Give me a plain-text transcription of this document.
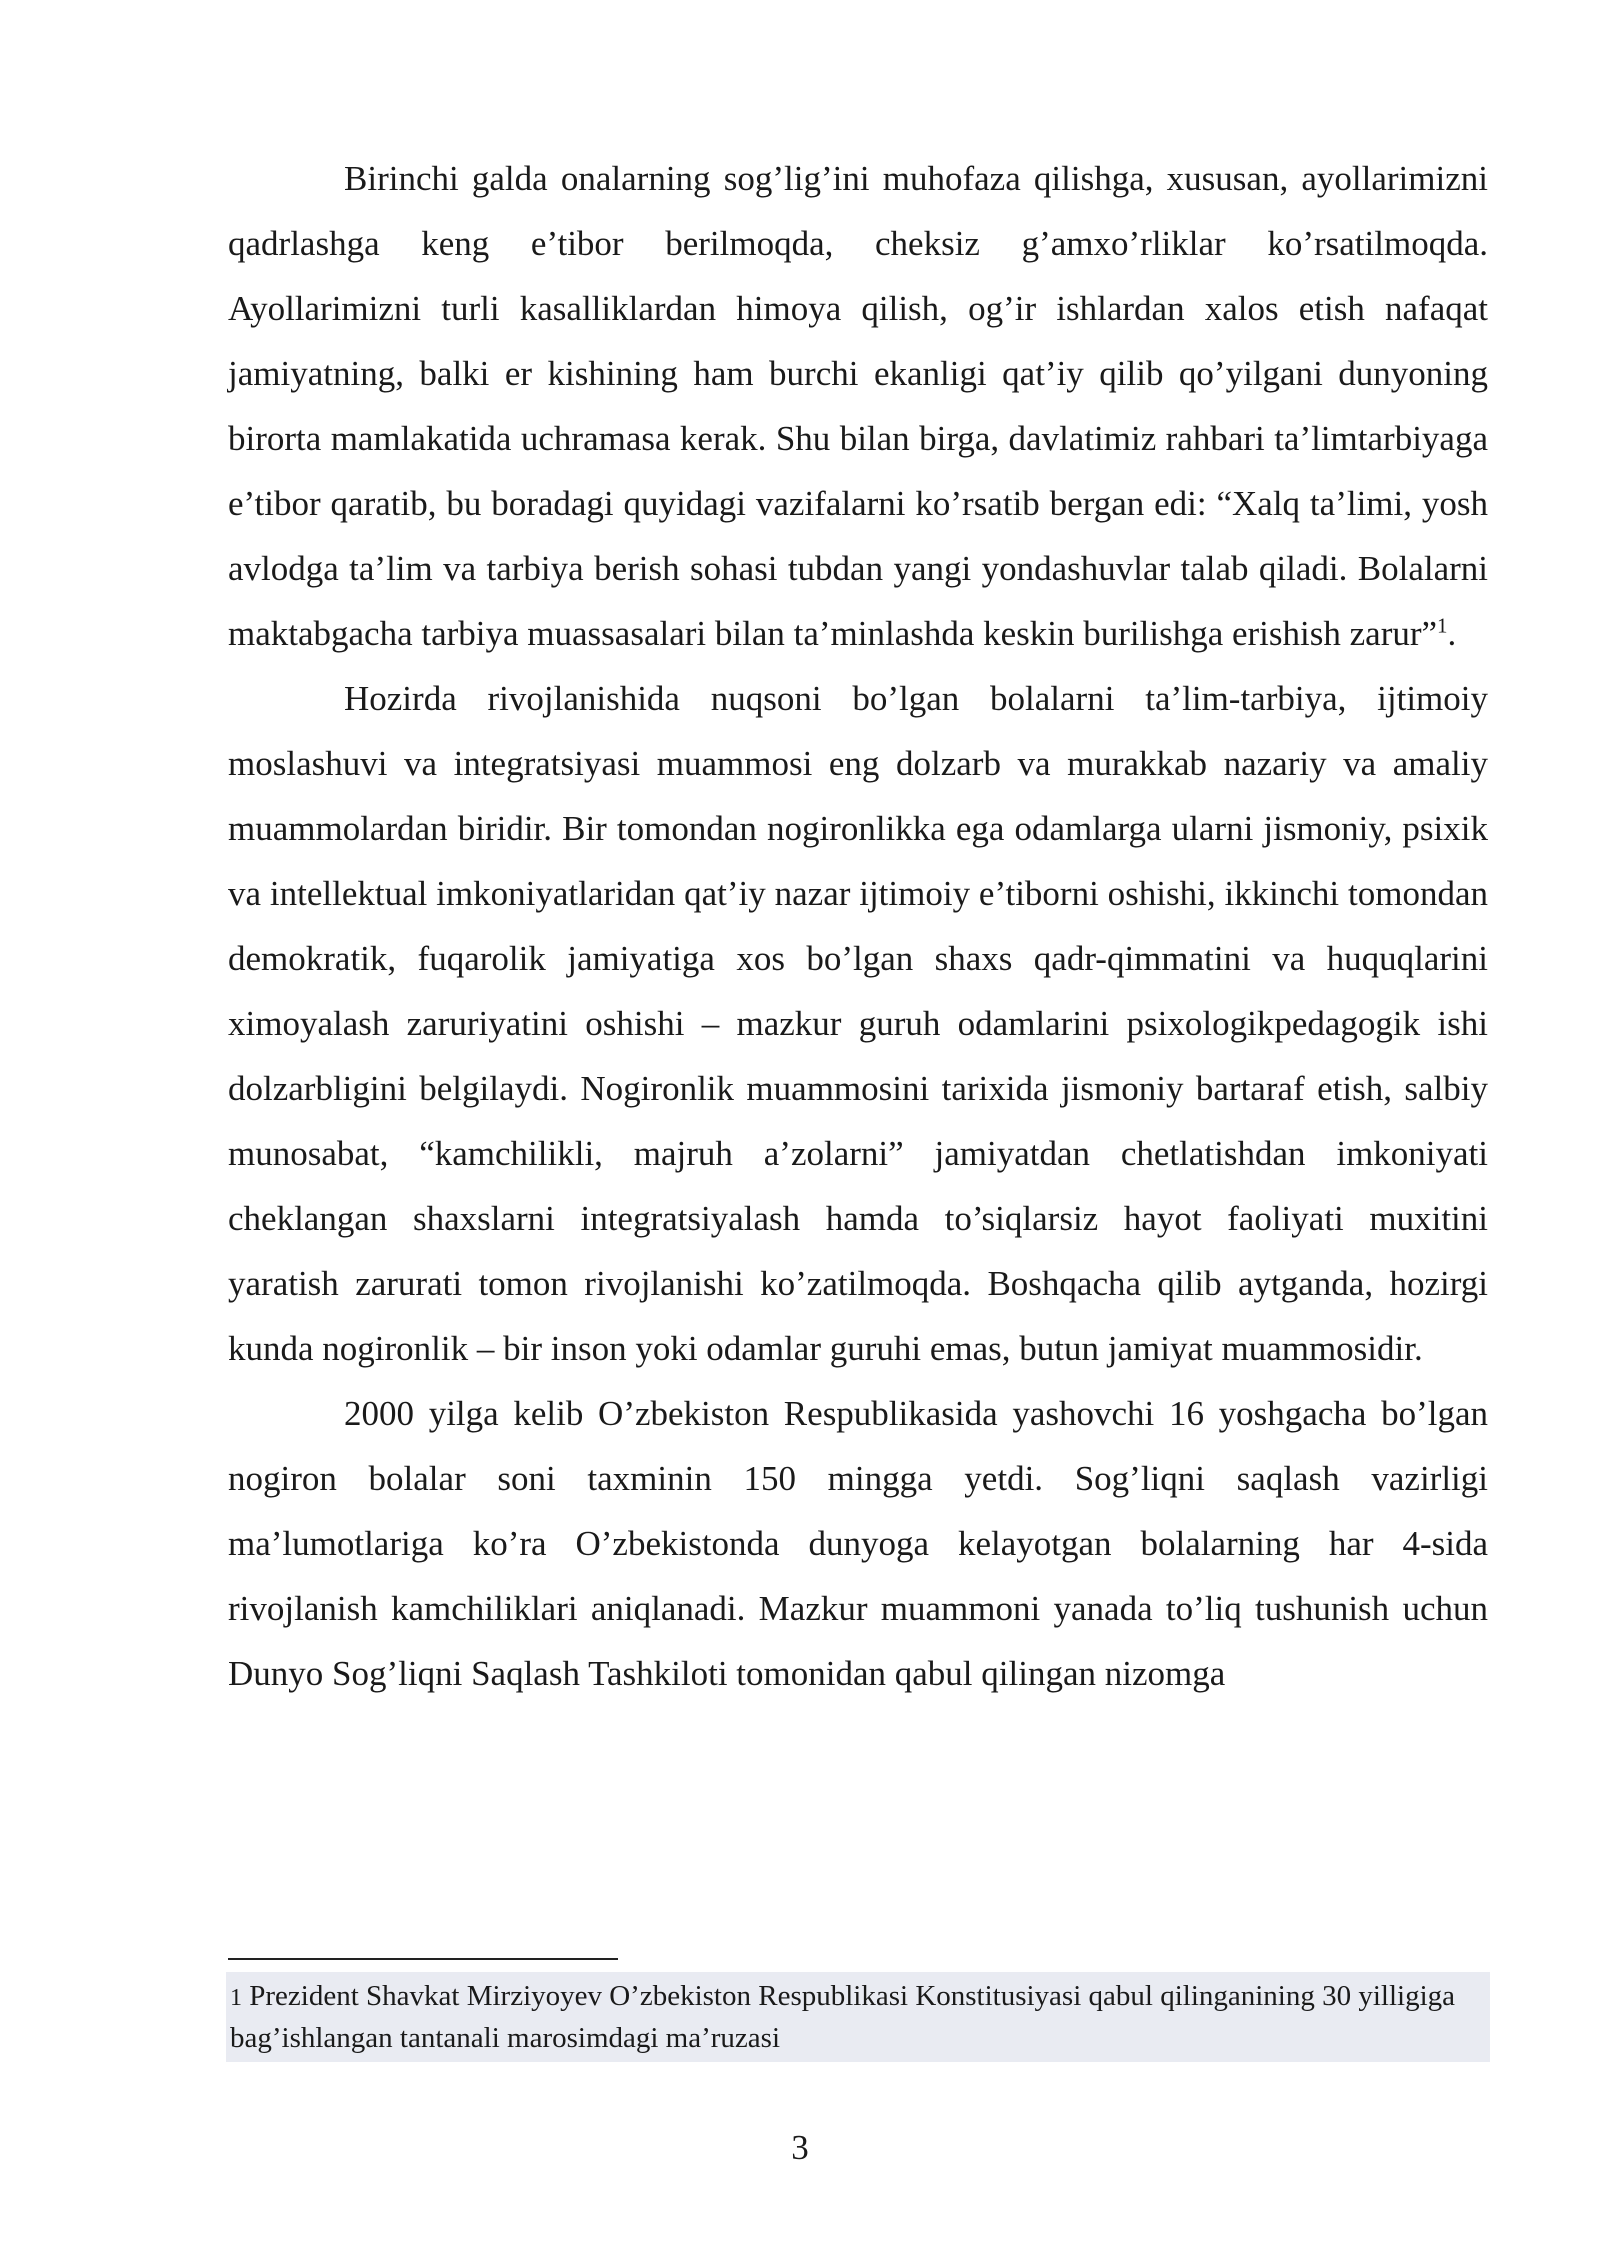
Birinchi galda onalarning sog’lig’ini muhofaza qilishga, xususan, ayollarimizni qadrlashga keng e’tibor berilmoqda, cheksiz g’amxo’rliklar ko’rsatilmoqda. Ayollarimizni turli kasalliklardan himoya qilish, og’ir ishlardan xalos etish nafaqat jamiyatning, balki er kishining ham burchi ekanligi qat’iy qilib qo’yilgani dunyoning birorta mamlakatida uchramasa kerak. Shu bilan birga, davlatimiz rahbari ta’limtarbiyaga e’tibor qaratib, bu boradagi quyidagi vazifalarni ko’rsatib bergan edi: “Xalq ta’limi, yosh avlodga ta’lim va tarbiya berish sohasi tubdan yangi yondashuvlar talab qiladi. Bolalarni maktabgacha tarbiya muassasalari bilan ta’minlashda keskin burilishga erishish zarur”$^1$.

Hozirda rivojlanishida nuqsoni bo’lgan bolalarni ta’lim-tarbiya, ijtimoiy moslashuvi va integratsiyasi muammosi eng dolzarb va murakkab nazariy va amaliy muammolardan biridir. Bir tomondan nogironlikka ega odamlarga ularni jismoniy, psixik va intellektual imkoniyatlaridan qat’iy nazar ijtimoiy e’tiborni oshishi, ikkinchi tomondan demokratik, fuqarolik jamiyatiga xos bo’lgan shaxs qadr-qimmatini va huquqlarini ximoyalash zaruriyatini oshishi – mazkur guruh odamlarini psixologikpedagogik ishi dolzarbligini belgilaydi. Nogironlik muammosini tarixida jismoniy bartaraf etish, salbiy munosabat, “kamchilikli, majruh a’zolarni” jamiyatdan chetlatishdan imkoniyati cheklangan shaxslarni integratsiyalash hamda to’siqlarsiz hayot faoliyati muxitini yaratish zarurati tomon rivojlanishi ko’zatilmoqda. Boshqacha qilib aytganda, hozirgi kunda nogironlik – bir inson yoki odamlar guruhi emas, butun jamiyat muammosidir.

2000 yilga kelib O’zbekiston Respublikasida yashovchi 16 yoshgacha bo’lgan nogiron bolalar soni taxminin 150 mingga yetdi. Sog’liqni saqlash vazirligi ma’lumotlariga ko’ra O’zbekistonda dunyoga kelayotgan bolalarning har 4-sida rivojlanish kamchiliklari aniqlanadi. Mazkur muammoni yanada to’liq tushunish uchun Dunyo Sog’liqni Saqlash Tashkiloti tomonidan qabul qilingan nizomga

1 Prezident Shavkat Mirziyoyev O’zbekiston Respublikasi Konstitusiyasi qabul qilinganining 30 yilligiga bag’ishlangan tantanali marosimdagi ma’ruzasi
3
